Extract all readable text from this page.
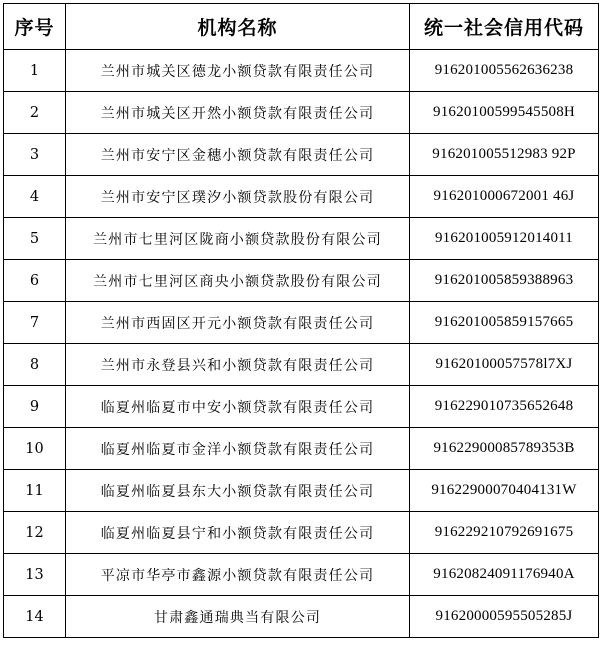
序号	机构名称	统一社会信用代码
1	兰州市城关区德龙小额贷款有限责任公司	916201005562636238
2	兰州市城关区开然小额贷款有限责任公司	91620100599545508H
3	兰州市安宁区金穗小额贷款有限责任公司	916201005512983 92P
4	兰州市安宁区璞汐小额贷款股份有限公司	916201000672001 46J
5	兰州市七里河区陇商小额贷款股份有限公司	916201005912014011
6	兰州市七里河区商央小额贷款股份有限公司	916201005859388963
7	兰州市西固区开元小额贷款有限责任公司	916201005859157665
8	兰州市永登县兴和小额贷款有限责任公司	91620100057578l7XJ
9	临夏州临夏市中安小额贷款有限责任公司	916229010735652648
10	临夏州临夏市金洋小额贷款有限责任公司	91622900085789353B
11	临夏州临夏县东大小额贷款有限责任公司	91622900070404131W
12	临夏州临夏县宁和小额贷款有限责任公司	916229210792691675
13	平凉市华亭市鑫源小额贷款有限责任公司	91620824091176940A
14	甘肃鑫通瑞典当有限公司	91620000595505285J
